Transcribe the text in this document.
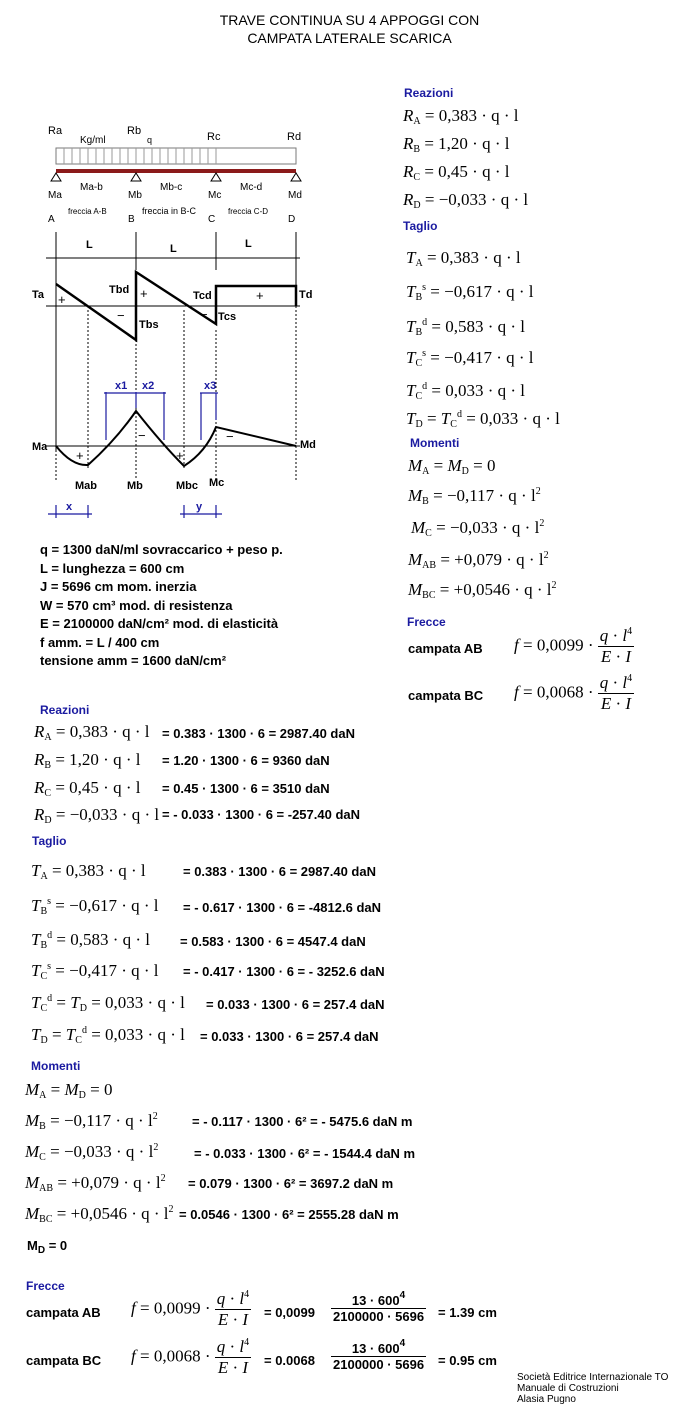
TRAVE CONTINUA SU 4 APPOGGI CON
CAMPATA LATERALE SCARICA
Ra	Rb	Rc	Rd
Kg/ml	q
Ma
Ma-b
Mb
Mb-c
Mc
Mc-d
Md
freccia A-B	freccia in B-C	freccia C-D
A	B	C	D
L	L	L
Ta	Tbd
Tbs
Tcd
Tcs
Td
+
−
+
−
+
Ma
Mab	Mb	Mbc Mc
Md
+
−
+
−
x1 x2	x3
x	y
q = 1300 daN/ml sovraccarico + peso p.
L = lunghezza = 600 cm
J = 5696 cm mom. inerzia
W = 570 cm³ mod. di resistenza
E = 2100000 daN/cm² mod. di elasticità
f amm. = L / 400 cm
tensione amm = 1600 daN/cm²
Reazioni
$R_A = 0,383 \cdot q \cdot l$
$R_B = 1,20 \cdot q \cdot l$
$R_C = 0,45 \cdot q \cdot l$
$R_D = -0,033 \cdot q \cdot l$
Taglio
$T_A = 0,383 \cdot q \cdot l$
$T_B^s = -0,617 \cdot q \cdot l$
$T_B^d = 0,583 \cdot q \cdot l$
$T_C^s = -0,417 \cdot q \cdot l$
$T_C^d = 0,033 \cdot q \cdot l$
$T_D = T_C^d = 0,033 \cdot q \cdot l$
Momenti
$M_A = M_D = 0$
$M_B = -0,117 \cdot q \cdot l^2$
$M_C = -0,033 \cdot q \cdot l^2$
$M_{AB} = +0,079 \cdot q \cdot l^2$
$M_{BC} = +0,0546 \cdot q \cdot l^2$
Frecce
campata AB $f = 0,0099 \cdot \frac{q \cdot l^4}{E \cdot I}$
campata BC $f = 0,0068 \cdot \frac{q \cdot l^4}{E \cdot I}$
Reazioni
$R_A = 0,383 \cdot q \cdot l = 0.383 \cdot 1300 \cdot 6 = 2987.40$ daN
$R_B = 1,20 \cdot q \cdot l = 1.20 \cdot 1300 \cdot 6 = 9360$ daN
$R_C = 0,45 \cdot q \cdot l = 0.45 \cdot 1300 \cdot 6 = 3510$ daN
$R_D = -0,033 \cdot q \cdot l$ = - 0.033 · 1300 · 6 = -257.40 daN
Taglio
$T_A = 0,383 \cdot q \cdot l$	= 0.383 · 1300 · 6 = 2987.40 daN
$T_B^s = -0,617 \cdot q \cdot l$ = - 0.617 · 1300 · 6 = -4812.6 daN
$T_B^d = 0,583 \cdot q \cdot l = 0.583 \cdot 1300 \cdot 6 = 4547.4$ daN
$T_C^s = -0,417 \cdot q \cdot l$ = - 0.417 · 1300 · 6 = - 3252.6 daN
$T_C^d = T_D = 0,033 \cdot q \cdot l = 0.033 \cdot 1300 \cdot 6 = 257.4$ daN
$T_D = T_C^d = 0,033 \cdot q \cdot l = 0.033 \cdot 1300 \cdot 6 = 257.4$ daN
Momenti
$M_A = M_D = 0$
$M_B = -0,117 \cdot q \cdot l^2$	= - 0.117 · 1300 · 6² = - 5475.6 daN m
$M_C = -0,033 \cdot q \cdot l^2$	= - 0.033 · 1300 · 6² = - 1544.4 daN m
$M_{AB} = +0,079 \cdot q \cdot l^2 = 0.079 \cdot 1300 \cdot 6^2 = 3697.2$ daN m
$M_{BC} = +0,0546 \cdot q \cdot l^2 = 0.0546 \cdot 1300 \cdot 6^2 = 2555.28$ daN m
$M_D = 0$
Frecce
campata AB $f = 0,0099 \cdot \frac{q \cdot l^4}{E \cdot I} = 0,0099$
$13 \cdot 600^4$
2100000 · 5696 = 1.39 cm
campata BC $f = 0,0068 \cdot \frac{q \cdot l^4}{E \cdot I} = 0.0068$
$13 \cdot 600^4$
2100000 · 5696 = 0.95 cm
Società Editrice Internazionale TO
Manuale di Costruzioni
Alasia Pugno
